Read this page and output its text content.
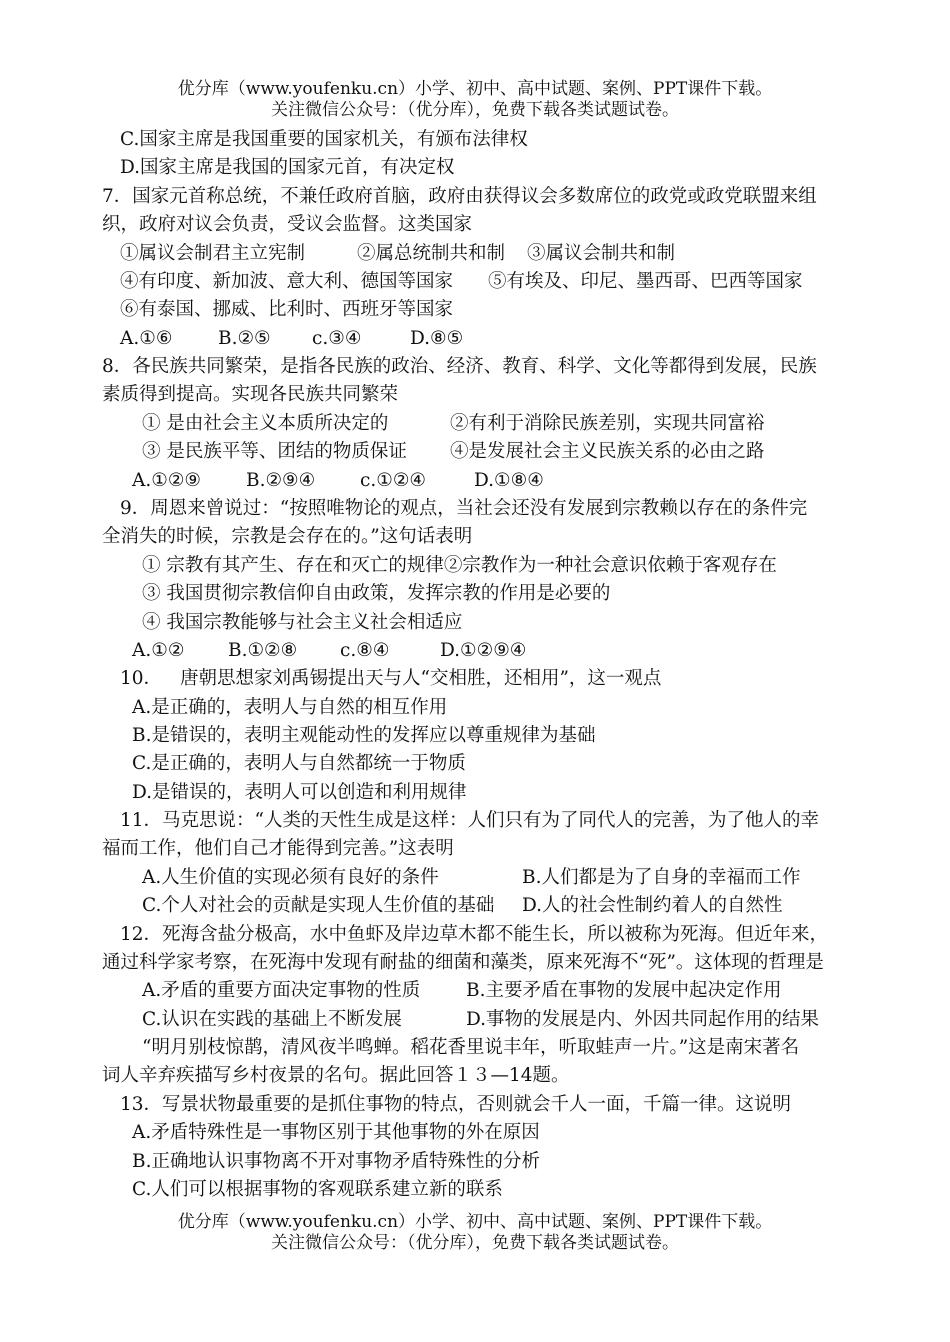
优分库（www.youfenku.cn）小学、初中、高中试题、案例、PPT课件下载。
关注微信公众号：（优分库），免费下载各类试题试卷。
C.国家主席是我国重要的国家机关，有颁布法律权
D.国家主席是我国的国家元首，有决定权
7．国家元首称总统，不兼任政府首脑，政府由获得议会多数席位的政党或政党联盟来组
织，政府对议会负责，受议会监督。这类国家
①属议会制君主立宪制	②属总统制共和制 ③属议会制共和制
④有印度、新加波、意大利、德国等国家 ⑤有埃及、印尼、墨西哥、巴西等国家
⑥有泰国、挪威、比利时、西班牙等国家
A.①⑥ B.②⑤ c.③④	D.⑧⑤
8．各民族共同繁荣，是指各民族的政治、经济、教育、科学、文化等都得到发展，民族
素质得到提高。实现各民族共同繁荣
① 是由社会主义本质所决定的	②有利于消除民族差别，实现共同富裕
③ 是民族平等、团结的物质保证 ④是发展社会主义民族关系的必由之路
A.①②⑨ B.②⑨④ c.①②④	D.①⑧④
9．周恩来曾说过：“按照唯物论的观点，当社会还没有发展到宗教赖以存在的条件完
全消失的时候，宗教是会存在的。”这句话表明
① 宗教有其产生、存在和灭亡的规律②宗教作为一种社会意识依赖于客观存在
③ 我国贯彻宗教信仰自由政策，发挥宗教的作用是必要的
④ 我国宗教能够与社会主义社会相适应
A.①② B.①②⑧ c.⑧④	D.①②⑨④
10． 唐朝思想家刘禹锡提出天与人“交相胜，还相用”，这一观点
A.是正确的，表明人与自然的相互作用
B.是错误的，表明主观能动性的发挥应以尊重规律为基础
C.是正确的，表明人与自然都统一于物质
D.是错误的，表明人可以创造和利用规律
11．马克思说：“人类的天性生成是这样：人们只有为了同代人的完善，为了他人的幸
福而工作，他们自己才能得到完善。”这表明
A.人生价值的实现必须有良好的条件	B.人们都是为了自身的幸福而工作
C.个人对社会的贡献是实现人生价值的基础 D.人的社会性制约着人的自然性
12．死海含盐分极高，水中鱼虾及岸边草木都不能生长，所以被称为死海。但近年来，
通过科学家考察，在死海中发现有耐盐的细菌和藻类，原来死海不“死”。这体现的哲理是
A.矛盾的重要方面决定事物的性质 B.主要矛盾在事物的发展中起决定作用
C.认识在实践的基础上不断发展	D.事物的发展是内、外因共同起作用的结果
“明月别枝惊鹊，清风夜半鸣蝉。稻花香里说丰年，听取蛙声一片。”这是南宋著名
词人辛弃疾描写乡村夜景的名句。据此回答１３—14题。
13．写景状物最重要的是抓住事物的特点，否则就会千人一面，千篇一律。这说明
A.矛盾特殊性是一事物区别于其他事物的外在原因
B.正确地认识事物离不开对事物矛盾特殊性的分析
C.人们可以根据事物的客观联系建立新的联系
优分库（www.youfenku.cn）小学、初中、高中试题、案例、PPT课件下载。
关注微信公众号：（优分库），免费下载各类试题试卷。
